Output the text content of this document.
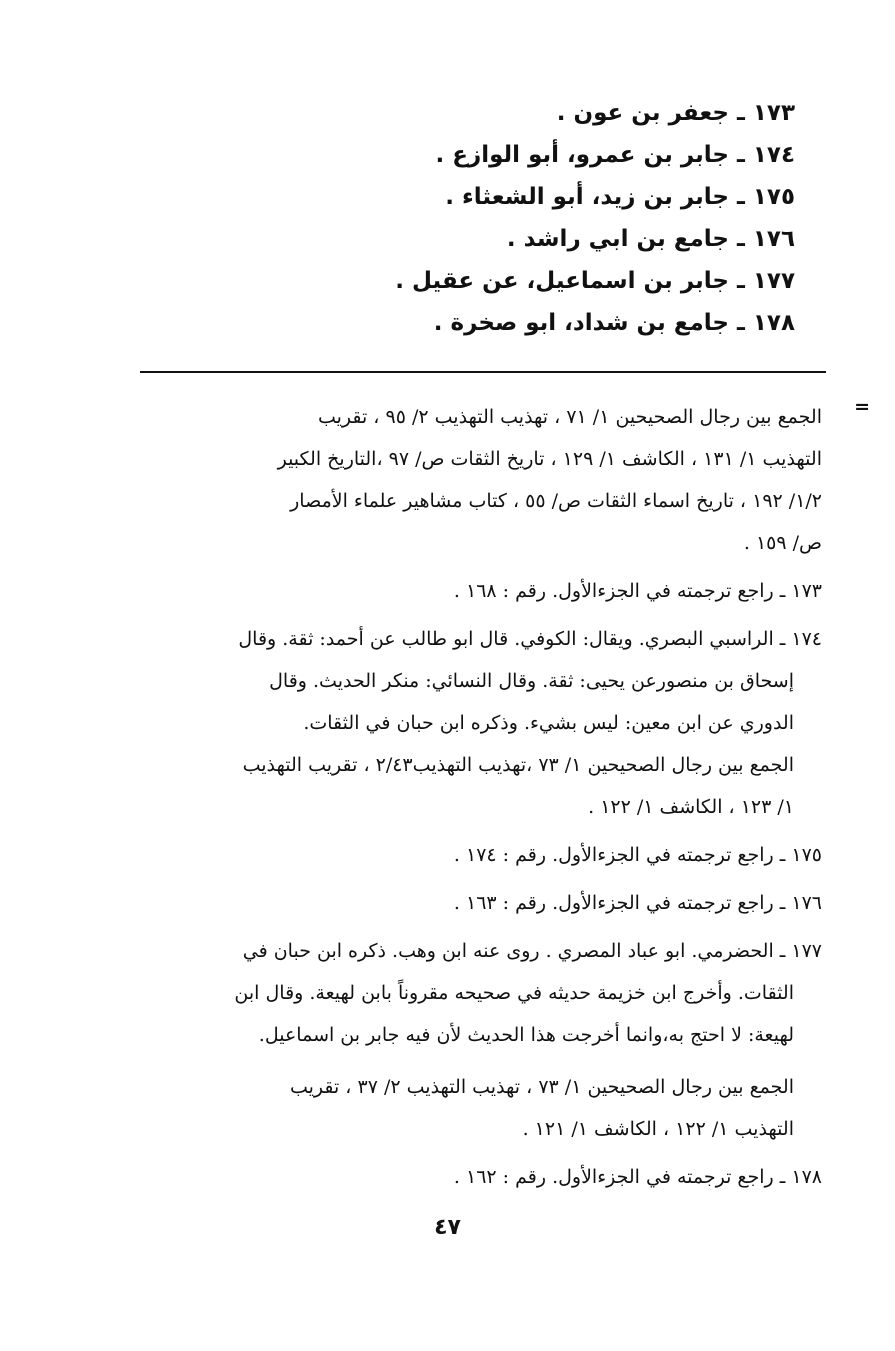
١٧٣ ـ جعفر بن عون .
١٧٤ ـ جابر بن عمرو، أبو الوازع .
١٧٥ ـ جابر بن زيد، أبو الشعثاء .
١٧٦ ـ جامع بن ابي راشد .
١٧٧ ـ جابر بن اسماعيل، عن عقيل .
١٧٨ ـ جامع بن شداد، ابو صخرة .
=
الجمع بين رجال الصحيحين ١/ ٧١ ، تهذيب التهذيب ٢/ ٩٥ ، تقريب
التهذيب ١/ ١٣١ ، الكاشف ١/ ١٢٩ ، تاريخ الثقات ص/ ٩٧ ،التاريخ الكبير
١/٢/ ١٩٢ ، تاريخ اسماء الثقات ص/ ٥٥ ، كتاب مشاهير علماء الأمصار
ص/ ١٥٩ .
١٧٣ ـ راجع ترجمته في الجزءالأول. رقم : ١٦٨ .
١٧٤ ـ الراسبي البصري. ويقال: الكوفي. قال ابو طالب عن أحمد: ثقة. وقال
إسحاق بن منصورعن يحيى: ثقة. وقال النسائي: منكر الحديث. وقال
الدوري عن ابن معين: ليس بشيء. وذكره ابن حبان في الثقات.
الجمع بين رجال الصحيحين ١/ ٧٣ ،تهذيب التهذيب٢/٤٣ ، تقريب التهذيب
١/ ١٢٣ ، الكاشف ١/ ١٢٢ .
١٧٥ ـ راجع ترجمته في الجزءالأول. رقم : ١٧٤ .
١٧٦ ـ راجع ترجمته في الجزءالأول. رقم : ١٦٣ .
١٧٧ ـ الحضرمي. ابو عباد المصري . روى عنه ابن وهب. ذكره ابن حبان في
الثقات. وأخرج ابن خزيمة حديثه في صحيحه مقروناً بابن لهيعة. وقال ابن
لهيعة: لا احتج به،وانما أخرجت هذا الحديث لأن فيه جابر بن اسماعيل.
الجمع بين رجال الصحيحين ١/ ٧٣ ، تهذيب التهذيب ٢/ ٣٧ ، تقريب
التهذيب ١/ ١٢٢ ، الكاشف ١/ ١٢١ .
١٧٨ ـ راجع ترجمته في الجزءالأول. رقم : ١٦٢ .
٤٧
